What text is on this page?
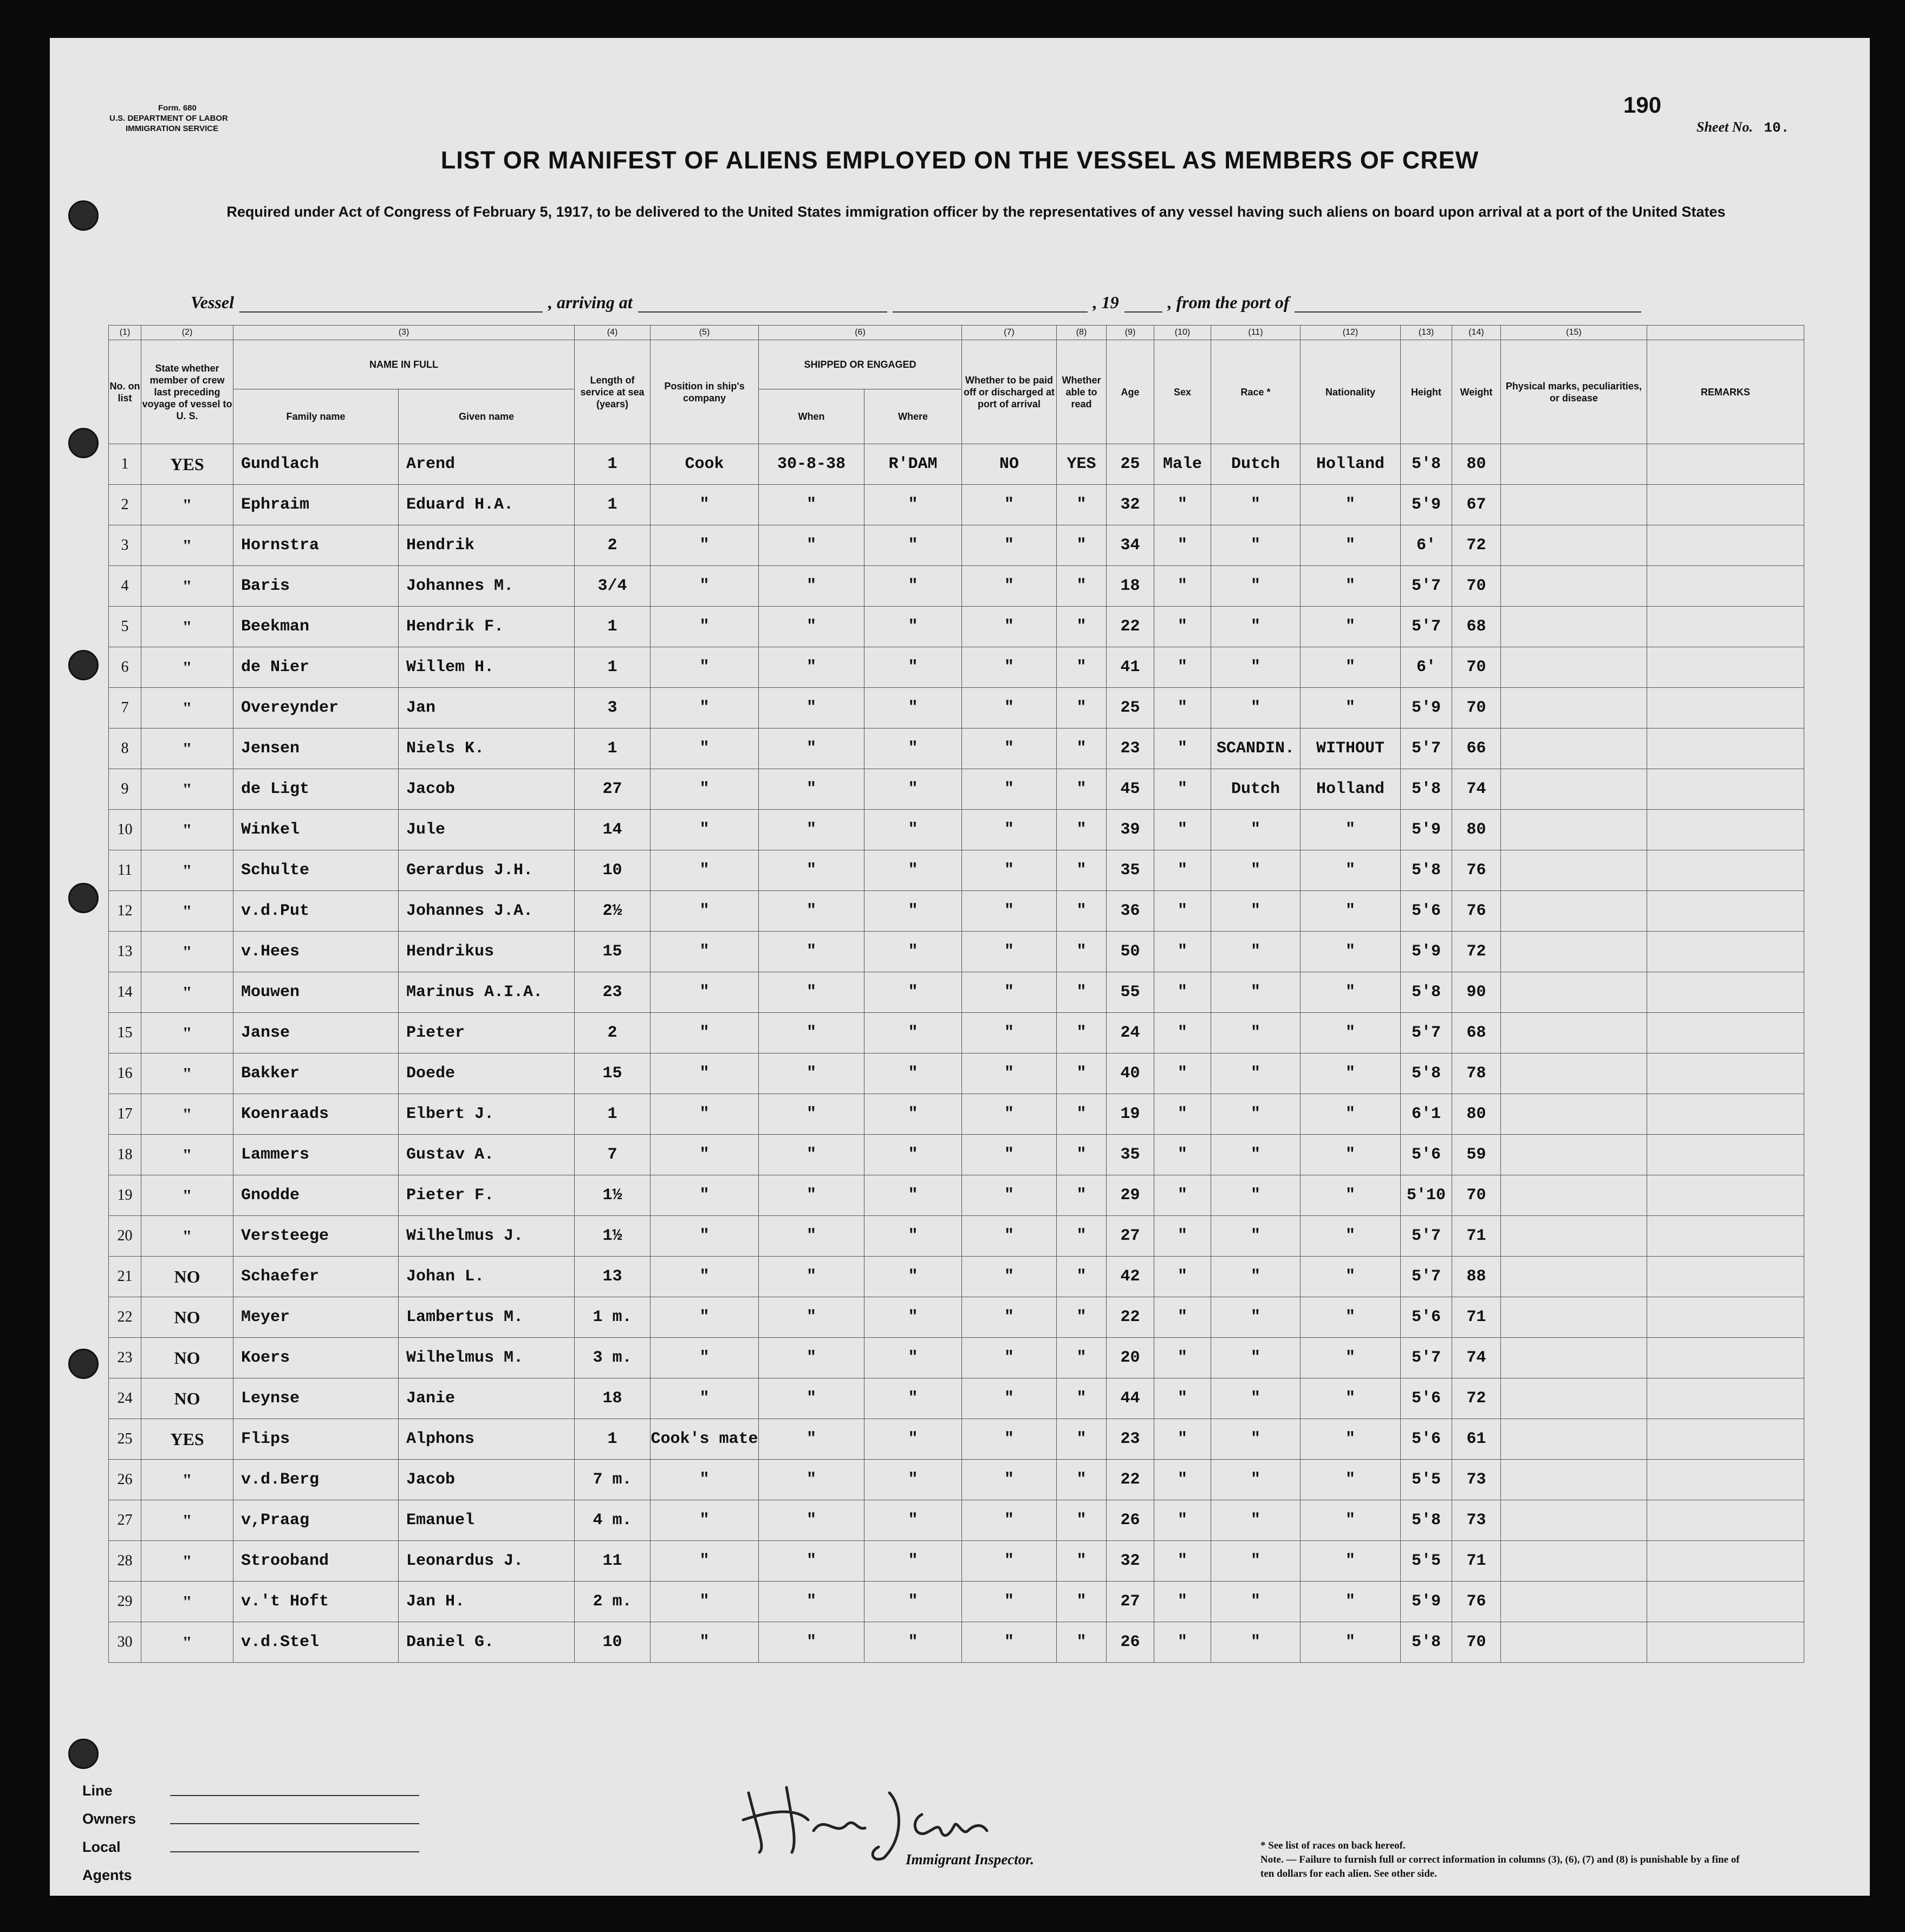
Form. 680
U.S. DEPARTMENT OF LABOR
IMMIGRATION SERVICE
190
Sheet No. 10.
LIST OR MANIFEST OF ALIENS EMPLOYED ON THE VESSEL AS MEMBERS OF CREW
Required under Act of Congress of February 5, 1917, to be delivered to the United States immigration officer by the representatives of any vessel having such aliens on board upon arrival at a port of the United States
Vessel	, arriving at	, 19	, from the port of
(1)	(2)	(3)		(4)	(5)	(6)		(7)	(8)	(9)	(10)	(11)	(12)	(13)	(14)	(15)	
No. on list	State whether member of crew last preceding voyage of vessel to U. S.	NAME IN FULL		Length of service at sea (years)	Position in ship's company	SHIPPED OR ENGAGED		Whether to be paid off or discharged at port of arrival	Whether able to read	Age	Sex	Race *	Nationality	Height	Weight	Physical marks, peculiarities, or disease	REMARKS
		Family name	Given name			When	Where										
1	YES	Gundlach	Arend	1	Cook	30-8-38	R'DAM	NO	YES	25	Male	Dutch	Holland	5'8	80		
2	"	Ephraim	Eduard H.A.	1	"	"	"	"	"	32	"	"	"	5'9	67		
3	"	Hornstra	Hendrik	2	"	"	"	"	"	34	"	"	"	6'	72		
4	"	Baris	Johannes M.	3/4	"	"	"	"	"	18	"	"	"	5'7	70		
5	"	Beekman	Hendrik F.	1	"	"	"	"	"	22	"	"	"	5'7	68		
6	"	de Nier	Willem H.	1	"	"	"	"	"	41	"	"	"	6'	70		
7	"	Overeynder	Jan	3	"	"	"	"	"	25	"	"	"	5'9	70		
8	"	Jensen	Niels K.	1	"	"	"	"	"	23	"	SCANDIN.	WITHOUT	5'7	66		
9	"	de Ligt	Jacob	27	"	"	"	"	"	45	"	Dutch	Holland	5'8	74		
10	"	Winkel	Jule	14	"	"	"	"	"	39	"	"	"	5'9	80		
11	"	Schulte	Gerardus J.H.	10	"	"	"	"	"	35	"	"	"	5'8	76		
12	"	v.d.Put	Johannes J.A.	2½	"	"	"	"	"	36	"	"	"	5'6	76		
13	"	v.Hees	Hendrikus	15	"	"	"	"	"	50	"	"	"	5'9	72		
14	"	Mouwen	Marinus A.I.A.	23	"	"	"	"	"	55	"	"	"	5'8	90		
15	"	Janse	Pieter	2	"	"	"	"	"	24	"	"	"	5'7	68		
16	"	Bakker	Doede	15	"	"	"	"	"	40	"	"	"	5'8	78		
17	"	Koenraads	Elbert J.	1	"	"	"	"	"	19	"	"	"	6'1	80		
18	"	Lammers	Gustav A.	7	"	"	"	"	"	35	"	"	"	5'6	59		
19	"	Gnodde	Pieter F.	1½	"	"	"	"	"	29	"	"	"	5'10	70		
20	"	Versteege	Wilhelmus J.	1½	"	"	"	"	"	27	"	"	"	5'7	71		
21	NO	Schaefer	Johan L.	13	"	"	"	"	"	42	"	"	"	5'7	88		
22	NO	Meyer	Lambertus M.	1 m.	"	"	"	"	"	22	"	"	"	5'6	71		
23	NO	Koers	Wilhelmus M.	3 m.	"	"	"	"	"	20	"	"	"	5'7	74		
24	NO	Leynse	Janie	18	"	"	"	"	"	44	"	"	"	5'6	72		
25	YES	Flips	Alphons	1	Cook's mate	"	"	"	"	23	"	"	"	5'6	61		
26	"	v.d.Berg	Jacob	7 m.	"	"	"	"	"	22	"	"	"	5'5	73		
27	"	v,Praag	Emanuel	4 m.	"	"	"	"	"	26	"	"	"	5'8	73		
28	"	Strooband	Leonardus J.	11	"	"	"	"	"	32	"	"	"	5'5	71		
29	"	v.'t Hoft	Jan H.	2 m.	"	"	"	"	"	27	"	"	"	5'9	76		
30	"	v.d.Stel	Daniel G.	10	"	"	"	"	"	26	"	"	"	5'8	70		
Line
Owners
Local Agents
Immigrant Inspector.
* See list of races on back hereof.
Note. — Failure to furnish full or correct information in columns (3), (6), (7) and (8) is punishable by a fine of ten dollars for each alien. See other side.
